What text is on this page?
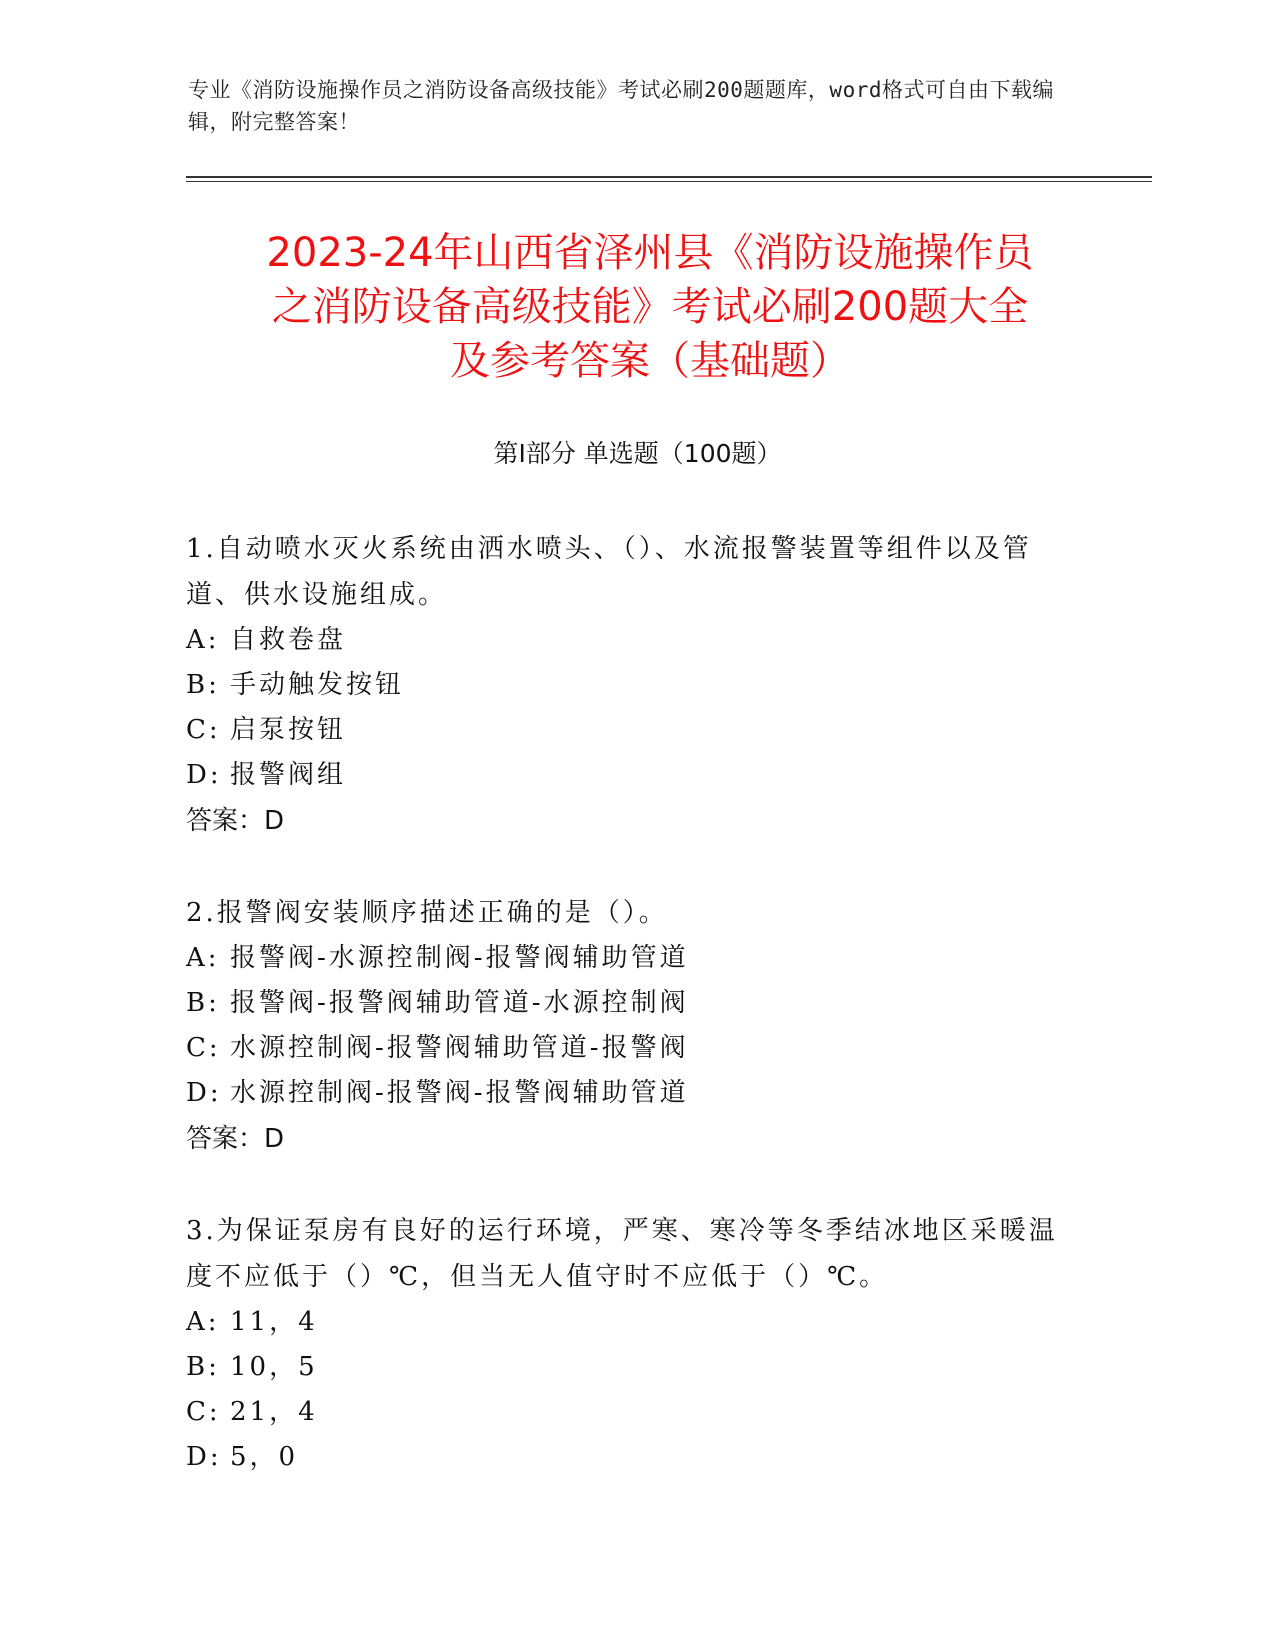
专业《消防设施操作员之消防设备高级技能》考试必刷200题题库，word格式可自由下载编辑，附完整答案！
2023-24年山西省泽州县《消防设施操作员
之消防设备高级技能》考试必刷200题大全
及参考答案（基础题）
第I部分 单选题（100题）
1.自动喷水灭火系统由洒水喷头、（）、水流报警装置等组件以及管道、供水设施组成。
A: 自救卷盘
B: 手动触发按钮
C: 启泵按钮
D: 报警阀组
答案：D
2.报警阀安装顺序描述正确的是（）。
A: 报警阀-水源控制阀-报警阀辅助管道
B: 报警阀-报警阀辅助管道-水源控制阀
C: 水源控制阀-报警阀辅助管道-报警阀
D: 水源控制阀-报警阀-报警阀辅助管道
答案：D
3.为保证泵房有良好的运行环境，严寒、寒冷等冬季结冰地区采暖温度不应低于（）℃，但当无人值守时不应低于（）℃。
A: 11，4
B: 10，5
C: 21，4
D: 5，0
